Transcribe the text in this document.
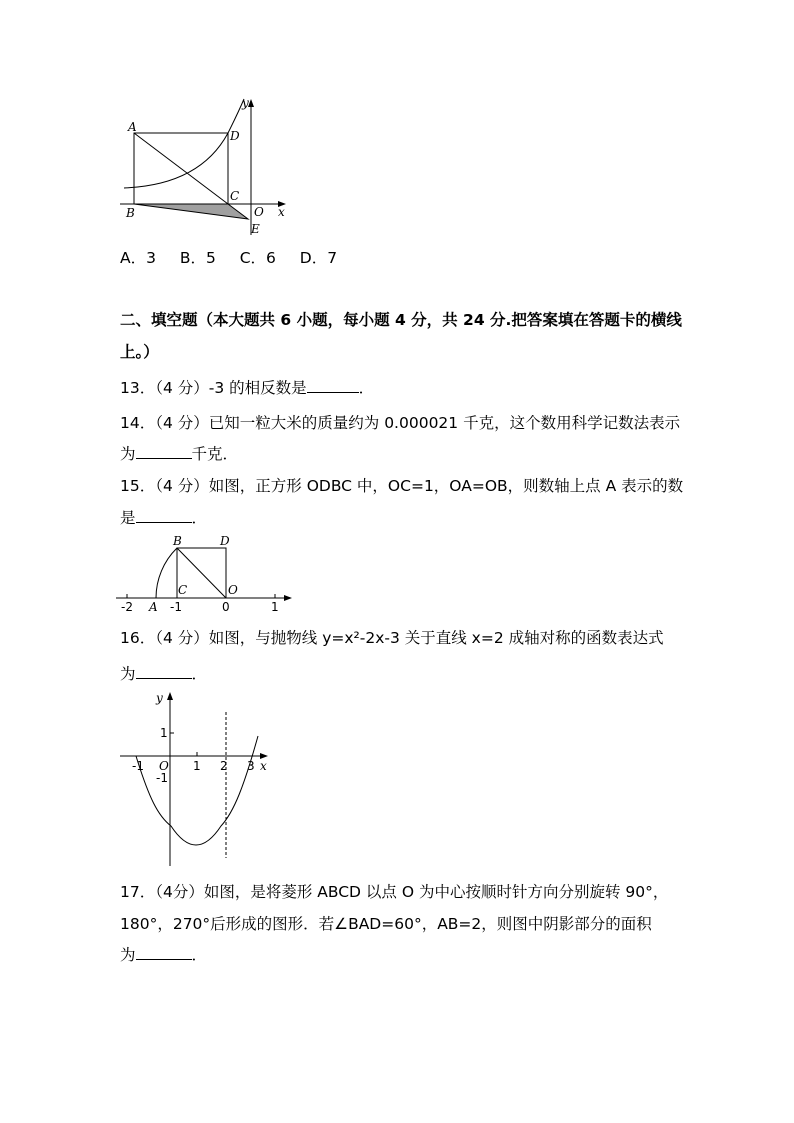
A
D
B
C
O
E
x
y
A．3 B．5 C．6 D．7
二、填空题（本大题共 6 小题，每小题 4 分，共 24 分.把答案填在答题卡的横线
上。）
13．（4 分）-3 的相反数是	．
14．（4 分）已知一粒大米的质量约为 0.000021 千克，这个数用科学记数法表示
为	千克．
15．（4 分）如图，正方形 ODBC 中，OC=1，OA=OB，则数轴上点 A 表示的数
是	．
B	D
C	O
A
-2	-1	0	1
16．（4 分）如图，与抛物线 y=x²-2x-3 关于直线 x=2 成轴对称的函数表达式
为	．
y
x
O
1
-1
-1	1 2 3
17．（4分）如图，是将菱形 ABCD 以点 O 为中心按顺时针方向分别旋转 90°，
180°，270°后形成的图形．若∠BAD=60°，AB=2，则图中阴影部分的面积
为	．
